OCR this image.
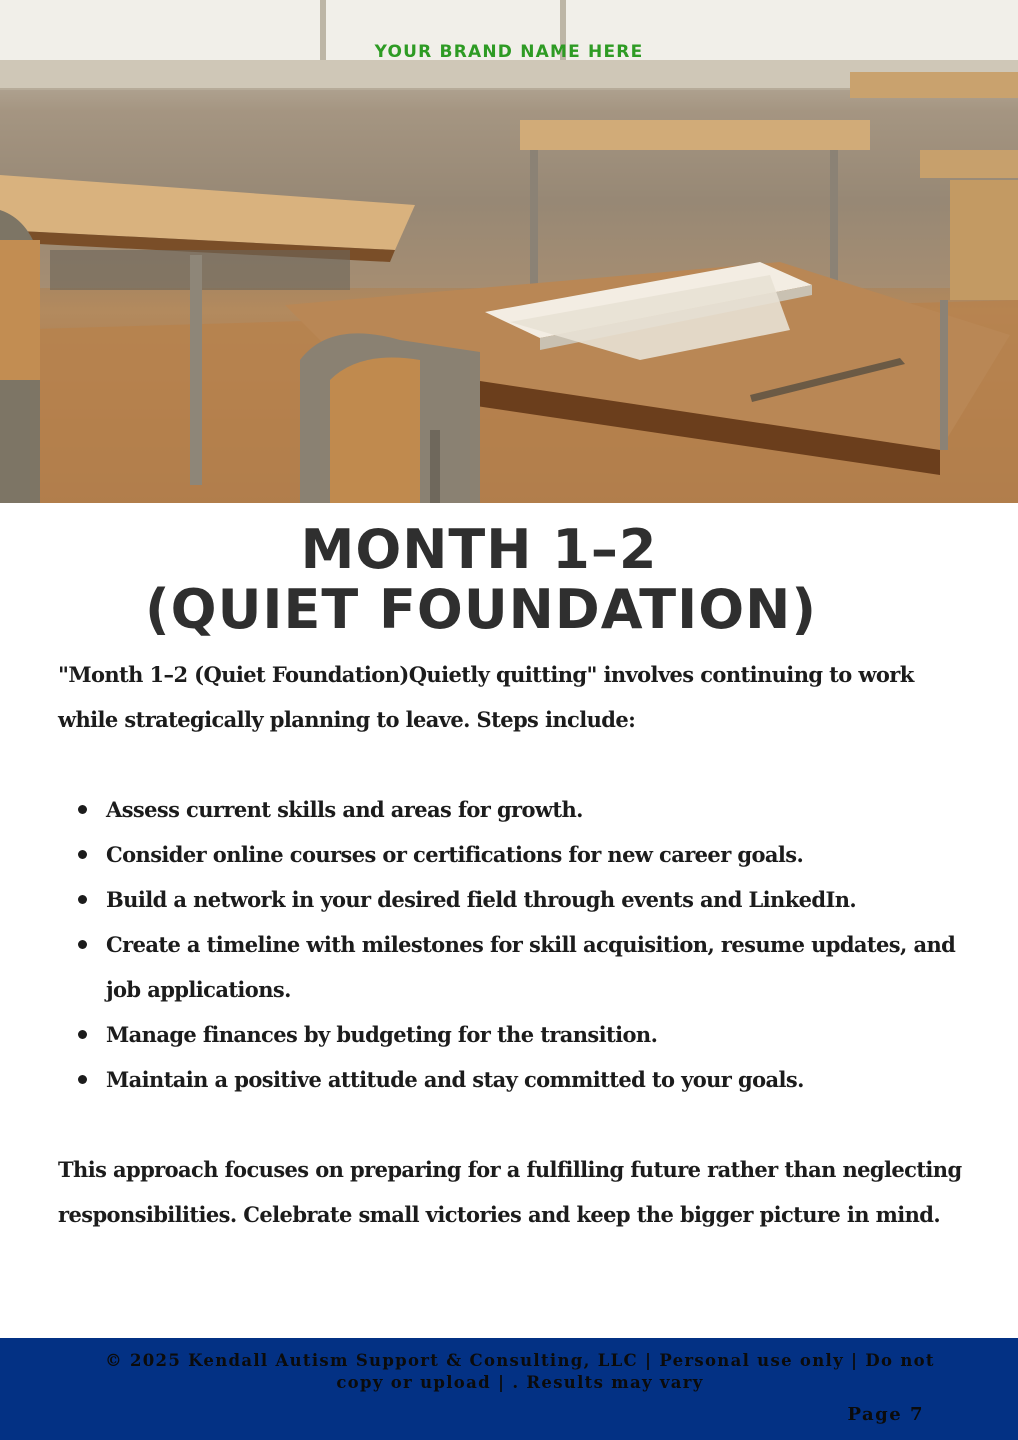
YOUR BRAND NAME HERE
MONTH 1–2
(QUIET FOUNDATION)

"Month 1–2 (Quiet Foundation)Quietly quitting" involves continuing to work while strategically planning to leave. Steps include:

Assess current skills and areas for growth.
Consider online courses or certifications for new career goals.
Build a network in your desired field through events and LinkedIn.
Create a timeline with milestones for skill acquisition, resume updates, and job applications.
Manage finances by budgeting for the transition.
Maintain a positive attitude and stay committed to your goals.

This approach focuses on preparing for a fulfilling future rather than neglecting responsibilities. Celebrate small victories and keep the bigger picture in mind.

© 2025 Kendall Autism Support & Consulting, LLC | Personal use only | Do not copy or upload | . Results may vary
Page 7
